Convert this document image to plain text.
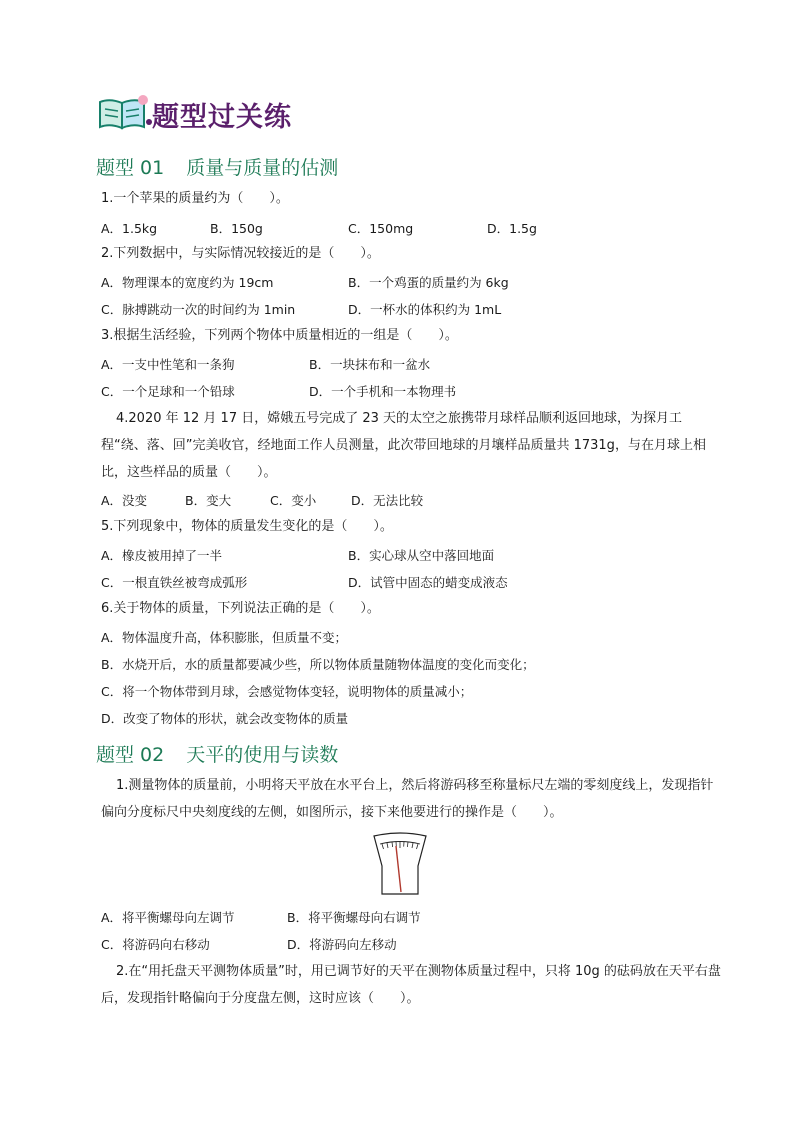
题型过关练
题型 01 质量与质量的估测
1.一个苹果的质量约为（　　）。
A．1.5kg	B．150g	C．150mg	D．1.5g
2.下列数据中，与实际情况较接近的是（　　）。
A．物理课本的宽度约为 19cm	B．一个鸡蛋的质量约为 6kg
C．脉搏跳动一次的时间约为 1min	D．一杯水的体积约为 1mL
3.根据生活经验，下列两个物体中质量相近的一组是（　　）。
A．一支中性笔和一条狗	B．一块抹布和一盆水
C．一个足球和一个铅球	D．一个手机和一本物理书
4.2020 年 12 月 17 日，嫦娥五号完成了 23 天的太空之旅携带月球样品顺利返回地球，为探月工程“绕、落、回”完美收官，经地面工作人员测量，此次带回地球的月壤样品质量共 1731g，与在月球上相比，这些样品的质量（　　）。
A．没变	B．变大	C．变小	D．无法比较
5.下列现象中，物体的质量发生变化的是（　　）。
A．橡皮被用掉了一半	B．实心球从空中落回地面
C．一根直铁丝被弯成弧形	D．试管中固态的蜡变成液态
6.关于物体的质量，下列说法正确的是（　　）。
A．物体温度升高，体积膨胀，但质量不变；
B．水烧开后，水的质量都要减少些，所以物体质量随物体温度的变化而变化；
C．将一个物体带到月球，会感觉物体变轻，说明物体的质量减小；
D．改变了物体的形状，就会改变物体的质量
题型 02 天平的使用与读数
1.测量物体的质量前，小明将天平放在水平台上，然后将游码移至称量标尺左端的零刻度线上，发现指针偏向分度标尺中央刻度线的左侧，如图所示，接下来他要进行的操作是（　　）。
A．将平衡螺母向左调节	B．将平衡螺母向右调节
C．将游码向右移动	D．将游码向左移动
2.在“用托盘天平测物体质量”时，用已调节好的天平在测物体质量过程中，只将 10g 的砝码放在天平右盘后，发现指针略偏向于分度盘左侧，这时应该（　　）。
